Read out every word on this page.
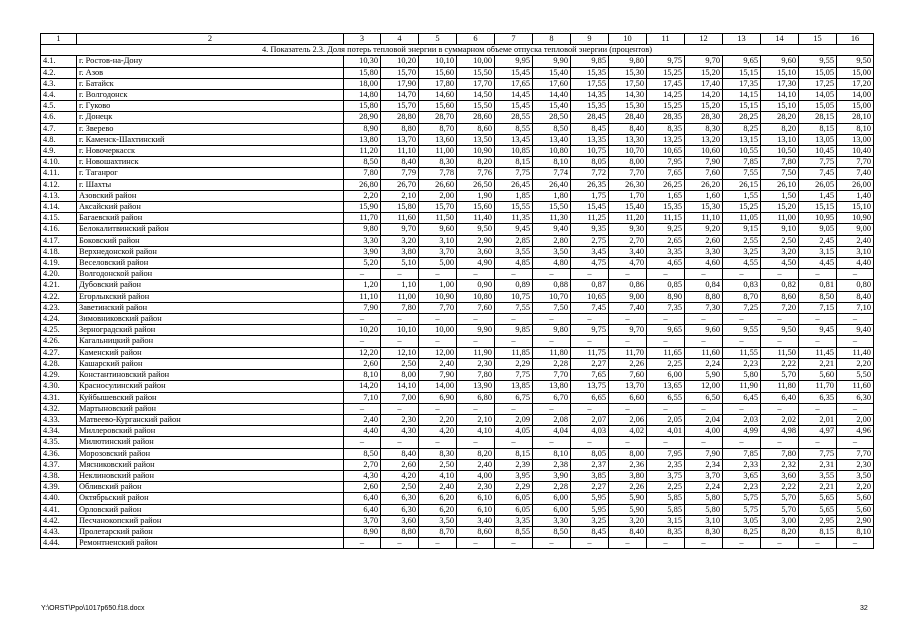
1	2	3	4	5	6	7	8	9	10	11	12	13	14	15	16
4. Показатель 2.3. Доля потерь тепловой энергии в суммарном объеме отпуска тепловой энергии (процентов)															
4.1.	г. Ростов-на-Дону	10,30	10,20	10,10	10,00	9,95	9,90	9,85	9,80	9,75	9,70	9,65	9,60	9,55	9,50
4.2.	г. Азов	15,80	15,70	15,60	15,50	15,45	15,40	15,35	15,30	15,25	15,20	15,15	15,10	15,05	15,00
4.3.	г. Батайск	18,00	17,90	17,80	17,70	17,65	17,60	17,55	17,50	17,45	17,40	17,35	17,30	17,25	17,20
4.4.	г. Волгодонск	14,80	14,70	14,60	14,50	14,45	14,40	14,35	14,30	14,25	14,20	14,15	14,10	14,05	14,00
4.5.	г. Гуково	15,80	15,70	15,60	15,50	15,45	15,40	15,35	15,30	15,25	15,20	15,15	15,10	15,05	15,00
4.6.	г. Донецк	28,90	28,80	28,70	28,60	28,55	28,50	28,45	28,40	28,35	28,30	28,25	28,20	28,15	28,10
4.7.	г. Зверево	8,90	8,80	8,70	8,60	8,55	8,50	8,45	8,40	8,35	8,30	8,25	8,20	8,15	8,10
4.8.	г. Каменск-Шахтинский	13,80	13,70	13,60	13,50	13,45	13,40	13,35	13,30	13,25	13,20	13,15	13,10	13,05	13,00
4.9.	г. Новочеркасск	11,20	11,10	11,00	10,90	10,85	10,80	10,75	10,70	10,65	10,60	10,55	10,50	10,45	10,40
4.10.	г. Новошахтинск	8,50	8,40	8,30	8,20	8,15	8,10	8,05	8,00	7,95	7,90	7,85	7,80	7,75	7,70
4.11.	г. Таганрог	7,80	7,79	7,78	7,76	7,75	7,74	7,72	7,70	7,65	7,60	7,55	7,50	7,45	7,40
4.12.	г. Шахты	26,80	26,70	26,60	26,50	26,45	26,40	26,35	26,30	26,25	26,20	26,15	26,10	26,05	26,00
4.13.	Азовский район	2,20	2,10	2,00	1,90	1,85	1,80	1,75	1,70	1,65	1,60	1,55	1,50	1,45	1,40
4.14.	Аксайский район	15,90	15,80	15,70	15,60	15,55	15,50	15,45	15,40	15,35	15,30	15,25	15,20	15,15	15,10
4.15.	Багаевский район	11,70	11,60	11,50	11,40	11,35	11,30	11,25	11,20	11,15	11,10	11,05	11,00	10,95	10,90
4.16.	Белокалитвинский район	9,80	9,70	9,60	9,50	9,45	9,40	9,35	9,30	9,25	9,20	9,15	9,10	9,05	9,00
4.17.	Боковский район	3,30	3,20	3,10	2,90	2,85	2,80	2,75	2,70	2,65	2,60	2,55	2,50	2,45	2,40
4.18.	Верхнедонской район	3,90	3,80	3,70	3,60	3,55	3,50	3,45	3,40	3,35	3,30	3,25	3,20	3,15	3,10
4.19.	Веселовский район	5,20	5,10	5,00	4,90	4,85	4,80	4,75	4,70	4,65	4,60	4,55	4,50	4,45	4,40
4.20.	Волгодонской район	–	–	–	–	–	–	–	–	–	–	–	–	–	–
4.21.	Дубовский район	1,20	1,10	1,00	0,90	0,89	0,88	0,87	0,86	0,85	0,84	0,83	0,82	0,81	0,80
4.22.	Егорлыкский район	11,10	11,00	10,90	10,80	10,75	10,70	10,65	9,00	8,90	8,80	8,70	8,60	8,50	8,40
4.23.	Заветинский район	7,90	7,80	7,70	7,60	7,55	7,50	7,45	7,40	7,35	7,30	7,25	7,20	7,15	7,10
4.24.	Зимовниковский район	–	–	–	–	–	–	–	–	–	–	–	–	–	–
4.25.	Зерноградский район	10,20	10,10	10,00	9,90	9,85	9,80	9,75	9,70	9,65	9,60	9,55	9,50	9,45	9,40
4.26.	Кагальницкий район	–	–	–	–	–	–	–	–	–	–	–	–	–	–
4.27.	Каменский район	12,20	12,10	12,00	11,90	11,85	11,80	11,75	11,70	11,65	11,60	11,55	11,50	11,45	11,40
4.28.	Кашарский район	2,60	2,50	2,40	2,30	2,29	2,28	2,27	2,26	2,25	2,24	2,23	2,22	2,21	2,20
4.29.	Константиновский район	8,10	8,00	7,90	7,80	7,75	7,70	7,65	7,60	6,00	5,90	5,80	5,70	5,60	5,50
4.30.	Красносулинский район	14,20	14,10	14,00	13,90	13,85	13,80	13,75	13,70	13,65	12,00	11,90	11,80	11,70	11,60
4.31.	Куйбышевский район	7,10	7,00	6,90	6,80	6,75	6,70	6,65	6,60	6,55	6,50	6,45	6,40	6,35	6,30
4.32.	Мартыновский район	–	–	–	–	–	–	–	–	–	–	–	–	–	–
4.33.	Матвеево-Курганский район	2,40	2,30	2,20	2,10	2,09	2,08	2,07	2,06	2,05	2,04	2,03	2,02	2,01	2,00
4.34.	Миллеровский район	4,40	4,30	4,20	4,10	4,05	4,04	4,03	4,02	4,01	4,00	4,99	4,98	4,97	4,96
4.35.	Милютинский район	–	–	–	–	–	–	–	–	–	–	–	–	–	–
4.36.	Морозовский район	8,50	8,40	8,30	8,20	8,15	8,10	8,05	8,00	7,95	7,90	7,85	7,80	7,75	7,70
4.37.	Мясниковский район	2,70	2,60	2,50	2,40	2,39	2,38	2,37	2,36	2,35	2,34	2,33	2,32	2,31	2,30
4.38.	Неклиновский район	4,30	4,20	4,10	4,00	3,95	3,90	3,85	3,80	3,75	3,70	3,65	3,60	3,55	3,50
4.39.	Обливский район	2,60	2,50	2,40	2,30	2,29	2,28	2,27	2,26	2,25	2,24	2,23	2,22	2,21	2,20
4.40.	Октябрьский район	6,40	6,30	6,20	6,10	6,05	6,00	5,95	5,90	5,85	5,80	5,75	5,70	5,65	5,60
4.41.	Орловский район	6,40	6,30	6,20	6,10	6,05	6,00	5,95	5,90	5,85	5,80	5,75	5,70	5,65	5,60
4.42.	Песчанокопский район	3,70	3,60	3,50	3,40	3,35	3,30	3,25	3,20	3,15	3,10	3,05	3,00	2,95	2,90
4.43.	Пролетарский район	8,90	8,80	8,70	8,60	8,55	8,50	8,45	8,40	8,35	8,30	8,25	8,20	8,15	8,10
4.44.	Ремонтненский район	–	–	–	–	–	–	–	–	–	–	–	–	–	–
Y:\ORST\Ppo\1017p650.f18.docx	32
